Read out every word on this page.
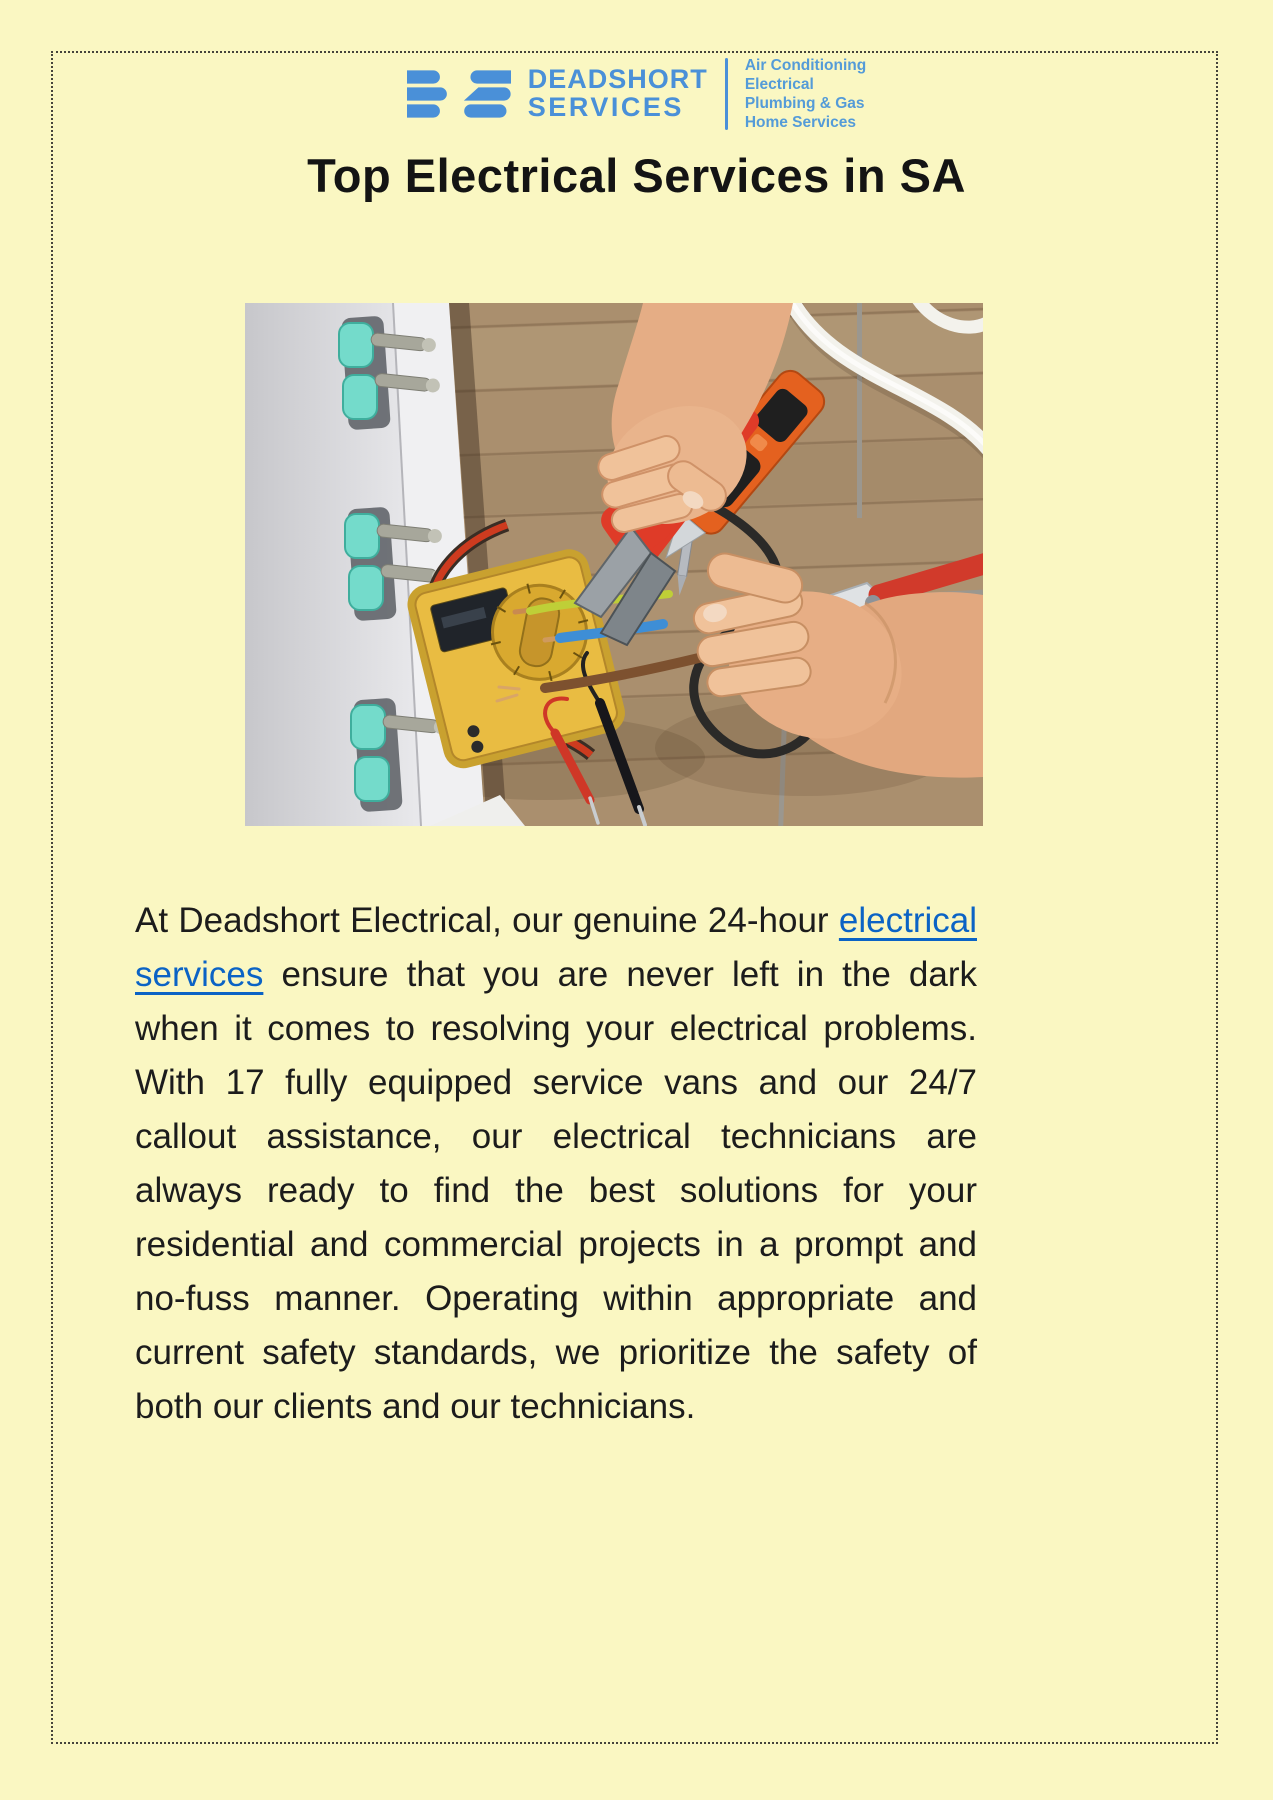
DEADSHORT
SERVICES
Air Conditioning
Electrical
Plumbing & Gas
Home Services
Top Electrical Services in SA

At Deadshort Electrical, our genuine 24-hour electrical services ensure that you are never left in the dark when it comes to resolving your electrical problems. With 17 fully equipped service vans and our 24/7 callout assistance, our electrical technicians are always ready to find the best solutions for your residential and commercial projects in a prompt and no-fuss manner. Operating within appropriate and current safety standards, we prioritize the safety of both our clients and our technicians.
